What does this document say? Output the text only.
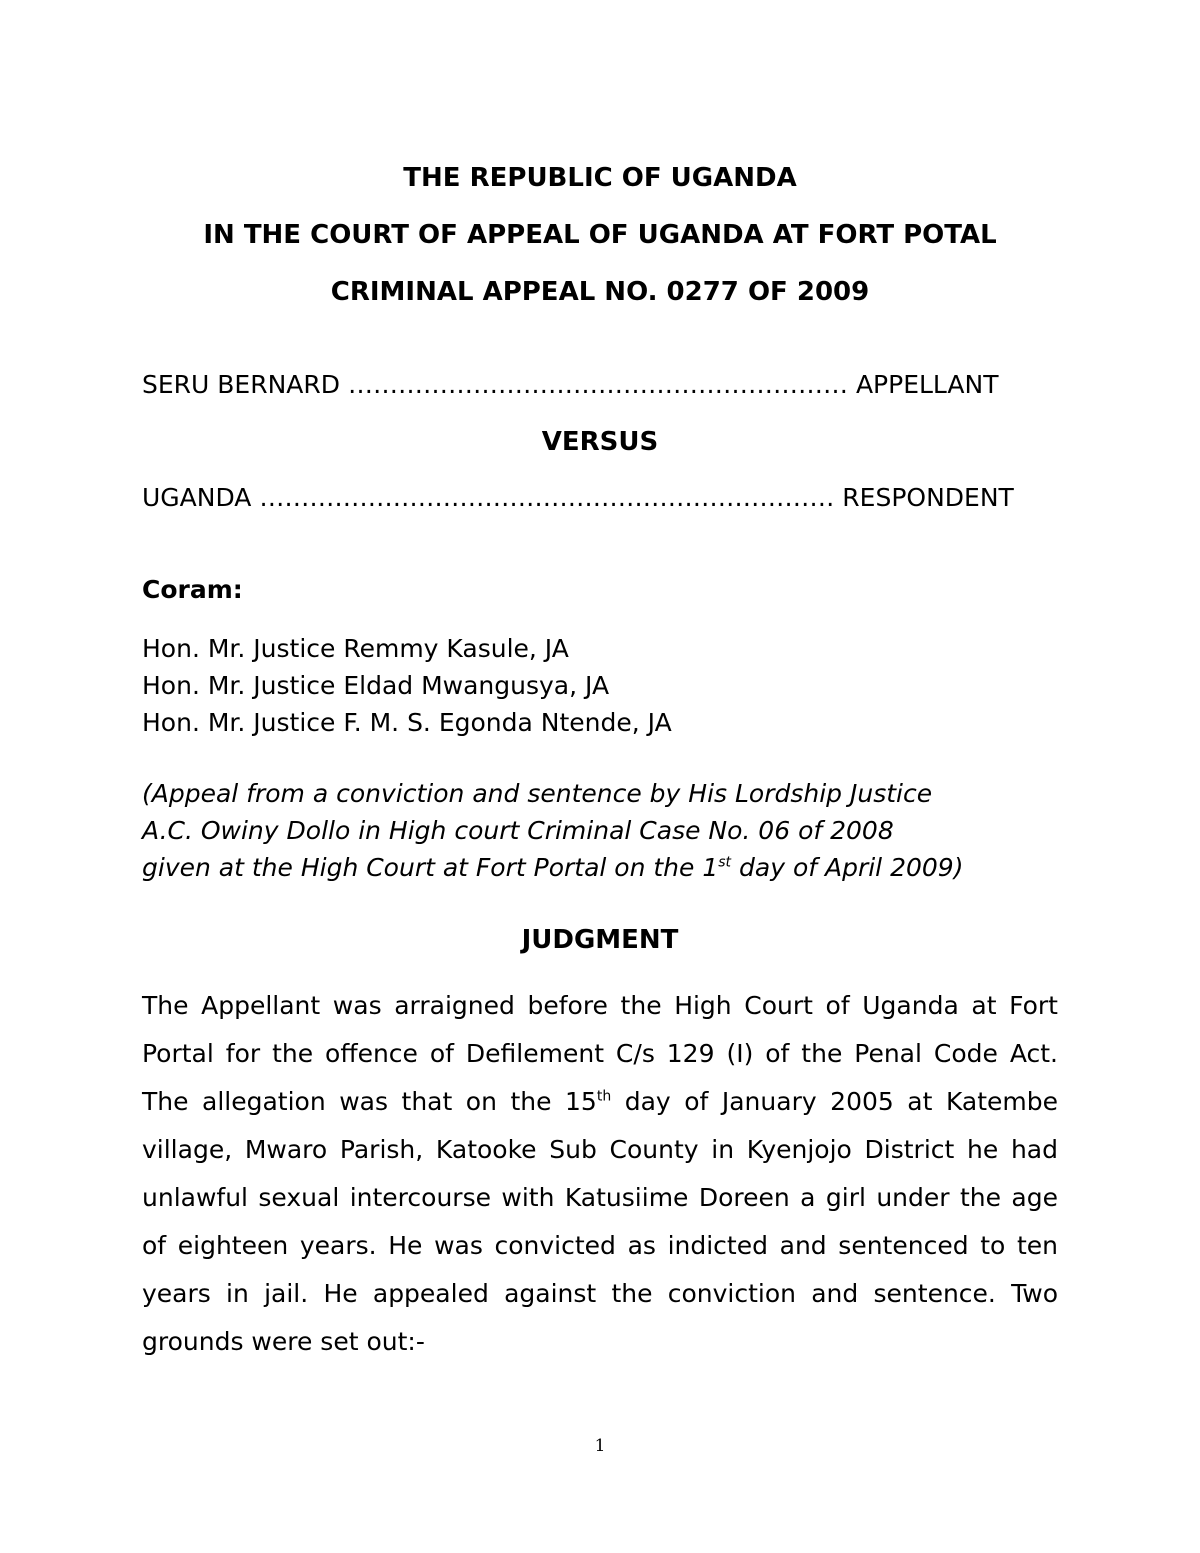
THE REPUBLIC OF UGANDA
IN THE COURT OF APPEAL OF UGANDA AT FORT POTAL
CRIMINAL APPEAL NO. 0277 OF 2009
SERU BERNARD …………………………………………………… APPELLANT
VERSUS
UGANDA …………………………………………………………… RESPONDENT
Coram:
Hon. Mr. Justice Remmy Kasule, JA
Hon. Mr. Justice Eldad Mwangusya, JA
Hon. Mr. Justice F. M. S. Egonda Ntende, JA
(Appeal from a conviction and sentence by His Lordship Justice
A.C. Owiny Dollo in High court Criminal Case No. 06 of 2008
given at the High Court at Fort Portal on the 1st day of April 2009)
JUDGMENT
The Appellant was arraigned before the High Court of Uganda at Fort Portal for the offence of Defilement C/s 129 (I) of the Penal Code Act. The allegation was that on the 15th day of January 2005 at Katembe village, Mwaro Parish, Katooke Sub County in Kyenjojo District he had unlawful sexual intercourse with Katusiime Doreen a girl under the age of eighteen years. He was convicted as indicted and sentenced to ten years in jail. He appealed against the conviction and sentence. Two grounds were set out:-
1
